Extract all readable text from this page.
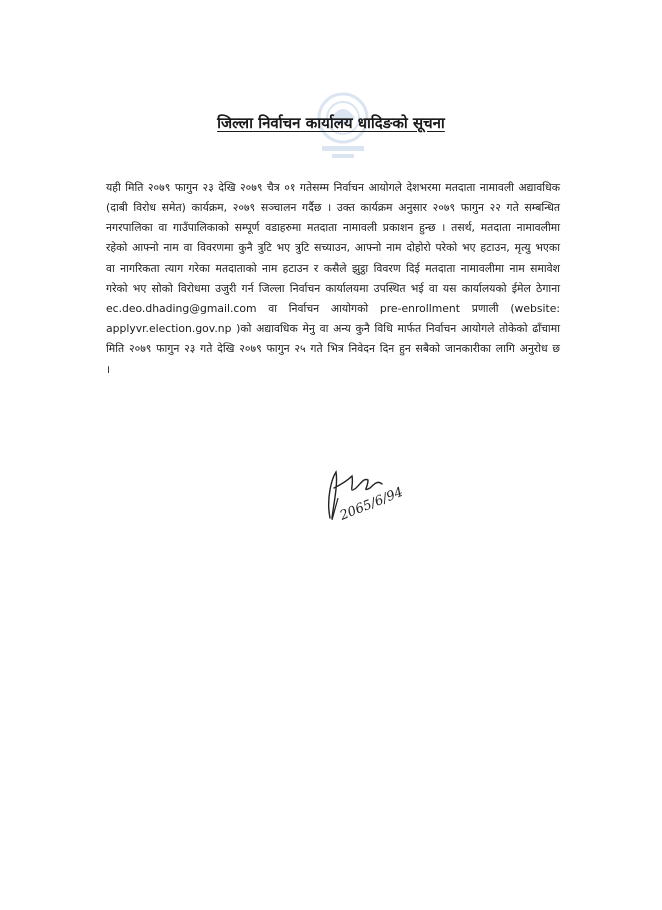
जिल्ला निर्वाचन कार्यालय धादिङको सूचना

यही मिति २०७९ फागुन २३ देखि २०७९ चैत्र ०१ गतेसम्म निर्वाचन आयोगले देशभरमा मतदाता नामावली अद्यावधिक (दाबी विरोध समेत) कार्यक्रम, २०७९ सञ्चालन गर्दैछ । उक्त कार्यक्रम अनुसार २०७९ फागुन २२ गते सम्बन्धित नगरपालिका वा गाउँपालिकाको सम्पूर्ण वडाहरुमा मतदाता नामावली प्रकाशन हुन्छ । तसर्थ, मतदाता नामावलीमा रहेको आफ्नो नाम वा विवरणमा कुनै त्रुटि भए त्रुटि सच्याउन, आफ्नो नाम दोहोरो परेको भए हटाउन, मृत्यु भएका वा नागरिकता त्याग गरेका मतदाताको नाम हटाउन र कसैले झुट्ठा विवरण दिई मतदाता नामावलीमा नाम समावेश गरेको भए सोको विरोधमा उजुरी गर्न जिल्ला निर्वाचन कार्यालयमा उपस्थित भई वा यस कार्यालयको ईमेल ठेगाना ec.deo.dhading@gmail.com वा निर्वाचन आयोगको pre-enrollment प्रणाली (website: applyvr.election.gov.np )को अद्यावधिक मेनु वा अन्य कुनै विधि मार्फत निर्वाचन आयोगले तोकेको ढाँचामा मिति २०७९ फागुन २३ गते देखि २०७९ फागुन २५ गते भित्र निवेदन दिन हुन सबैको जानकारीका लागि अनुरोध छ ।

2065/6/94
